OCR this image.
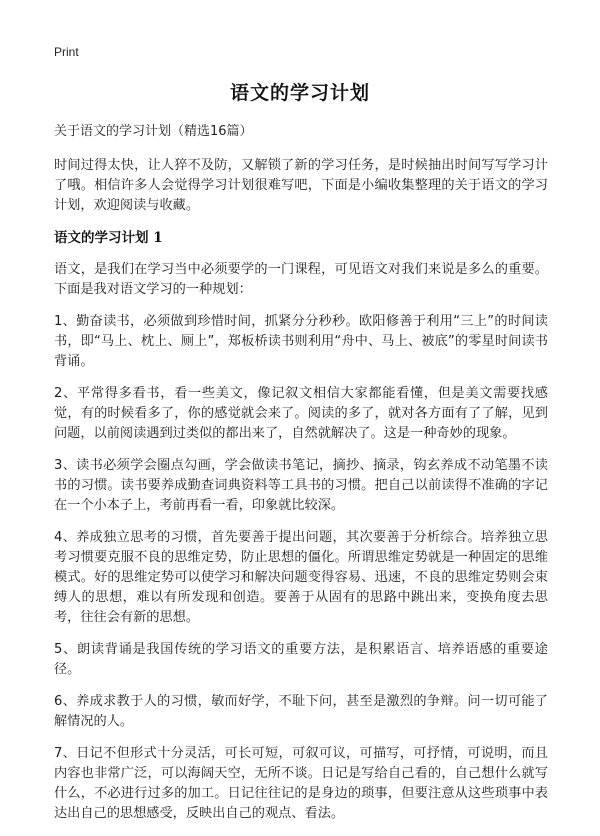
Print
语文的学习计划

关于语文的学习计划（精选16篇）

时间过得太快，让人猝不及防，又解锁了新的学习任务，是时候抽出时间写写学习计了哦。相信许多人会觉得学习计划很难写吧，下面是小编收集整理的关于语文的学习计划，欢迎阅读与收藏。

语文的学习计划 1

语文，是我们在学习当中必须要学的一门课程，可见语文对我们来说是多么的重要。下面是我对语文学习的一种规划：

1、勤奋读书，必须做到珍惜时间，抓紧分分秒秒。欧阳修善于利用“三上”的时间读书，即“马上、枕上、厕上”，郑板桥读书则利用“舟中、马上、被底”的零星时间读书背诵。

2、平常得多看书，看一些美文，像记叙文相信大家都能看懂，但是美文需要找感觉，有的时候看多了，你的感觉就会来了。阅读的多了，就对各方面有了了解，见到问题，以前阅读遇到过类似的都出来了，自然就解决了。这是一种奇妙的现象。

3、读书必须学会圈点勾画，学会做读书笔记，摘抄、摘录，钩玄养成不动笔墨不读书的习惯。读书要养成勤查词典资料等工具书的习惯。把自己以前读得不准确的字记在一个小本子上，考前再看一看，印象就比较深。

4、养成独立思考的习惯，首先要善于提出问题，其次要善于分析综合。培养独立思考习惯要克服不良的思维定势，防止思想的僵化。所谓思维定势就是一种固定的思维模式。好的思维定势可以使学习和解决问题变得容易、迅速，不良的思维定势则会束缚人的思想，难以有所发现和创造。要善于从固有的思路中跳出来，变换角度去思考，往往会有新的思想。

5、朗读背诵是我国传统的学习语文的重要方法，是积累语言、培养语感的重要途径。

6、养成求教于人的习惯，敏而好学，不耻下问，甚至是激烈的争辩。问一切可能了解情况的人。

7、日记不但形式十分灵活，可长可短，可叙可议，可描写，可抒情，可说明，而且内容也非常广泛，可以海阔天空，无所不谈。日记是写给自己看的，自己想什么就写什么，不必进行过多的加工。日记往往记的是身边的琐事，但要注意从这些琐事中表达出自己的思想感受，反映出自己的观点、看法。
